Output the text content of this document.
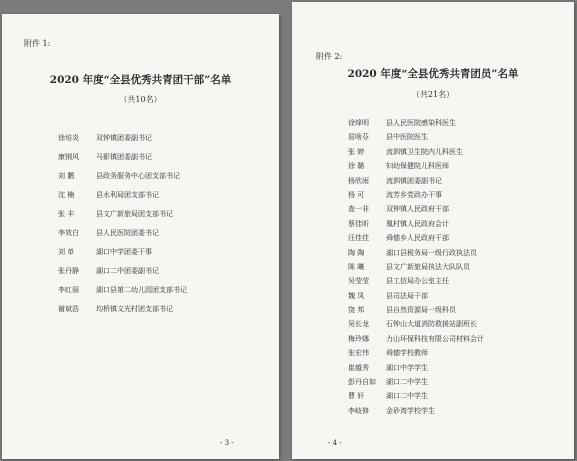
附件 1:
2020 年度“全县优秀共青团干部”名单
（共10名）
徐培炎	双钟镇团委副书记
康钢风	马影镇团委副书记
刘 鹏	县政务服务中心团支部书记
沈 楠	县水利局团支部书记
张 丰	县文广新旅局团支部书记
李效白	县人民医院团委书记
刘 单	湖口中学团委干事
张丹静	湖口二中团委副书记
李红丽	湖口县第二幼儿园团支部书记
谢斌浩	均桥镇文光村团支部书记
- 3 -
附件 2:
2020 年度“全县优秀共青团员”名单
（共21名）
徐烽明	县人民医院感染科医生
屈啥芬	县中医院医生
张 婷	流泗镇卫生院内儿科医生
徐 璐	妇幼保健院儿科医师
杨欣雨	流泗镇团委副书记
杨 可	流芳乡党政办干事
査一非	双钟镇人民政府干部
蔡佳昕	凰村镇人民政府会计
汪佳佳	舜德乡人民政府干部
陶 陶	湖口县税务局一级行政执法员
陈 曦	县文广新旅局执法大队队员
吴莹莹	县工信局办公室主任
魏 凤	县司法局干部
饶 邦	县自然资源局一级科员
吴长龙	石钟山大道消防救援站副班长
梅玲娜	力山环保科技有限公司材料会计
张宏伟	舜德学校教师
崔越秀	湖口中学学生
彭丹自如	湖口二中学生
曹 轩	湖口二中学生
李岐修	金砂湾学校学生
- 4 -
